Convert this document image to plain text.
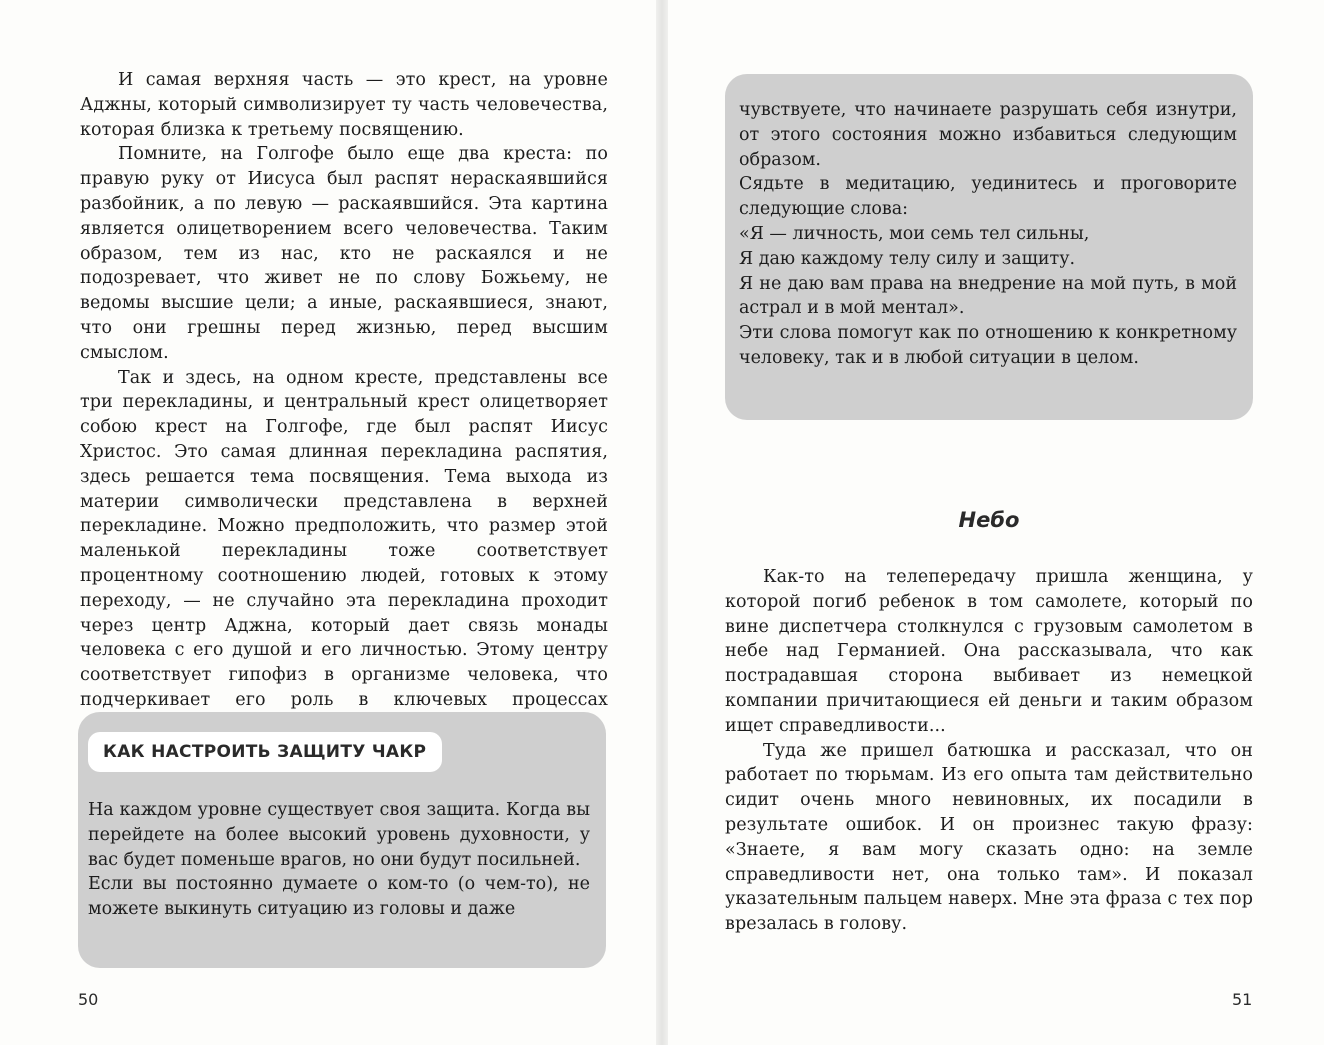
И самая верхняя часть — это крест, на уровне Аджны, который символизирует ту часть человечества, которая близка к третьему посвящению.

Помните, на Голгофе было еще два креста: по правую руку от Иисуса был распят нераскаявшийся разбойник, а по левую — раскаявшийся. Эта картина является олицетворением всего человечества. Таким образом, тем из нас, кто не раскаялся и не подозревает, что живет не по слову Божьему, не ведомы высшие цели; а иные, раскаявшиеся, знают, что они грешны перед жизнью, перед высшим смыслом.

Так и здесь, на одном кресте, представлены все три перекладины, и центральный крест олицетворяет собою крест на Голгофе, где был распят Иисус Христос. Это самая длинная перекладина распятия, здесь решается тема посвящения. Тема выхода из материи символически представлена в верхней перекладине. Можно предположить, что размер этой маленькой перекладины тоже соответствует процентному соотношению людей, готовых к этому переходу, — не случайно эта перекладина проходит через центр Аджна, который дает связь монады человека с его душой и его личностью. Этому центру соответствует гипофиз в организме человека, что подчеркивает его роль в ключевых процессах

КАК НАСТРОИТЬ ЗАЩИТУ ЧАКР

На каждом уровне существует своя защита. Когда вы перейдете на более высокий уровень духовности, у вас будет поменьше врагов, но они будут посильней.

Если вы постоянно думаете о ком-то (о чем-то), не можете выкинуть ситуацию из головы и даже

50

чувствуете, что начинаете разрушать себя изнутри, от этого состояния можно избавиться следующим образом.

Сядьте в медитацию, уединитесь и проговорите следующие слова:

«Я — личность, мои семь тел сильны,

Я даю каждому телу силу и защиту.

Я не даю вам права на внедрение на мой путь, в мой астрал и в мой ментал».

Эти слова помогут как по отношению к конкретному человеку, так и в любой ситуации в целом.

Небо

Как-то на телепередачу пришла женщина, у которой погиб ребенок в том самолете, который по вине диспетчера столкнулся с грузовым самолетом в небе над Германией. Она рассказывала, что как пострадавшая сторона выбивает из немецкой компании причитающиеся ей деньги и таким образом ищет справедливости...

Туда же пришел батюшка и рассказал, что он работает по тюрьмам. Из его опыта там действительно сидит очень много невиновных, их посадили в результате ошибок. И он произнес такую фразу: «Знаете, я вам могу сказать одно: на земле справедливости нет, она только там». И показал указательным пальцем наверх. Мне эта фраза с тех пор врезалась в голову.

51
